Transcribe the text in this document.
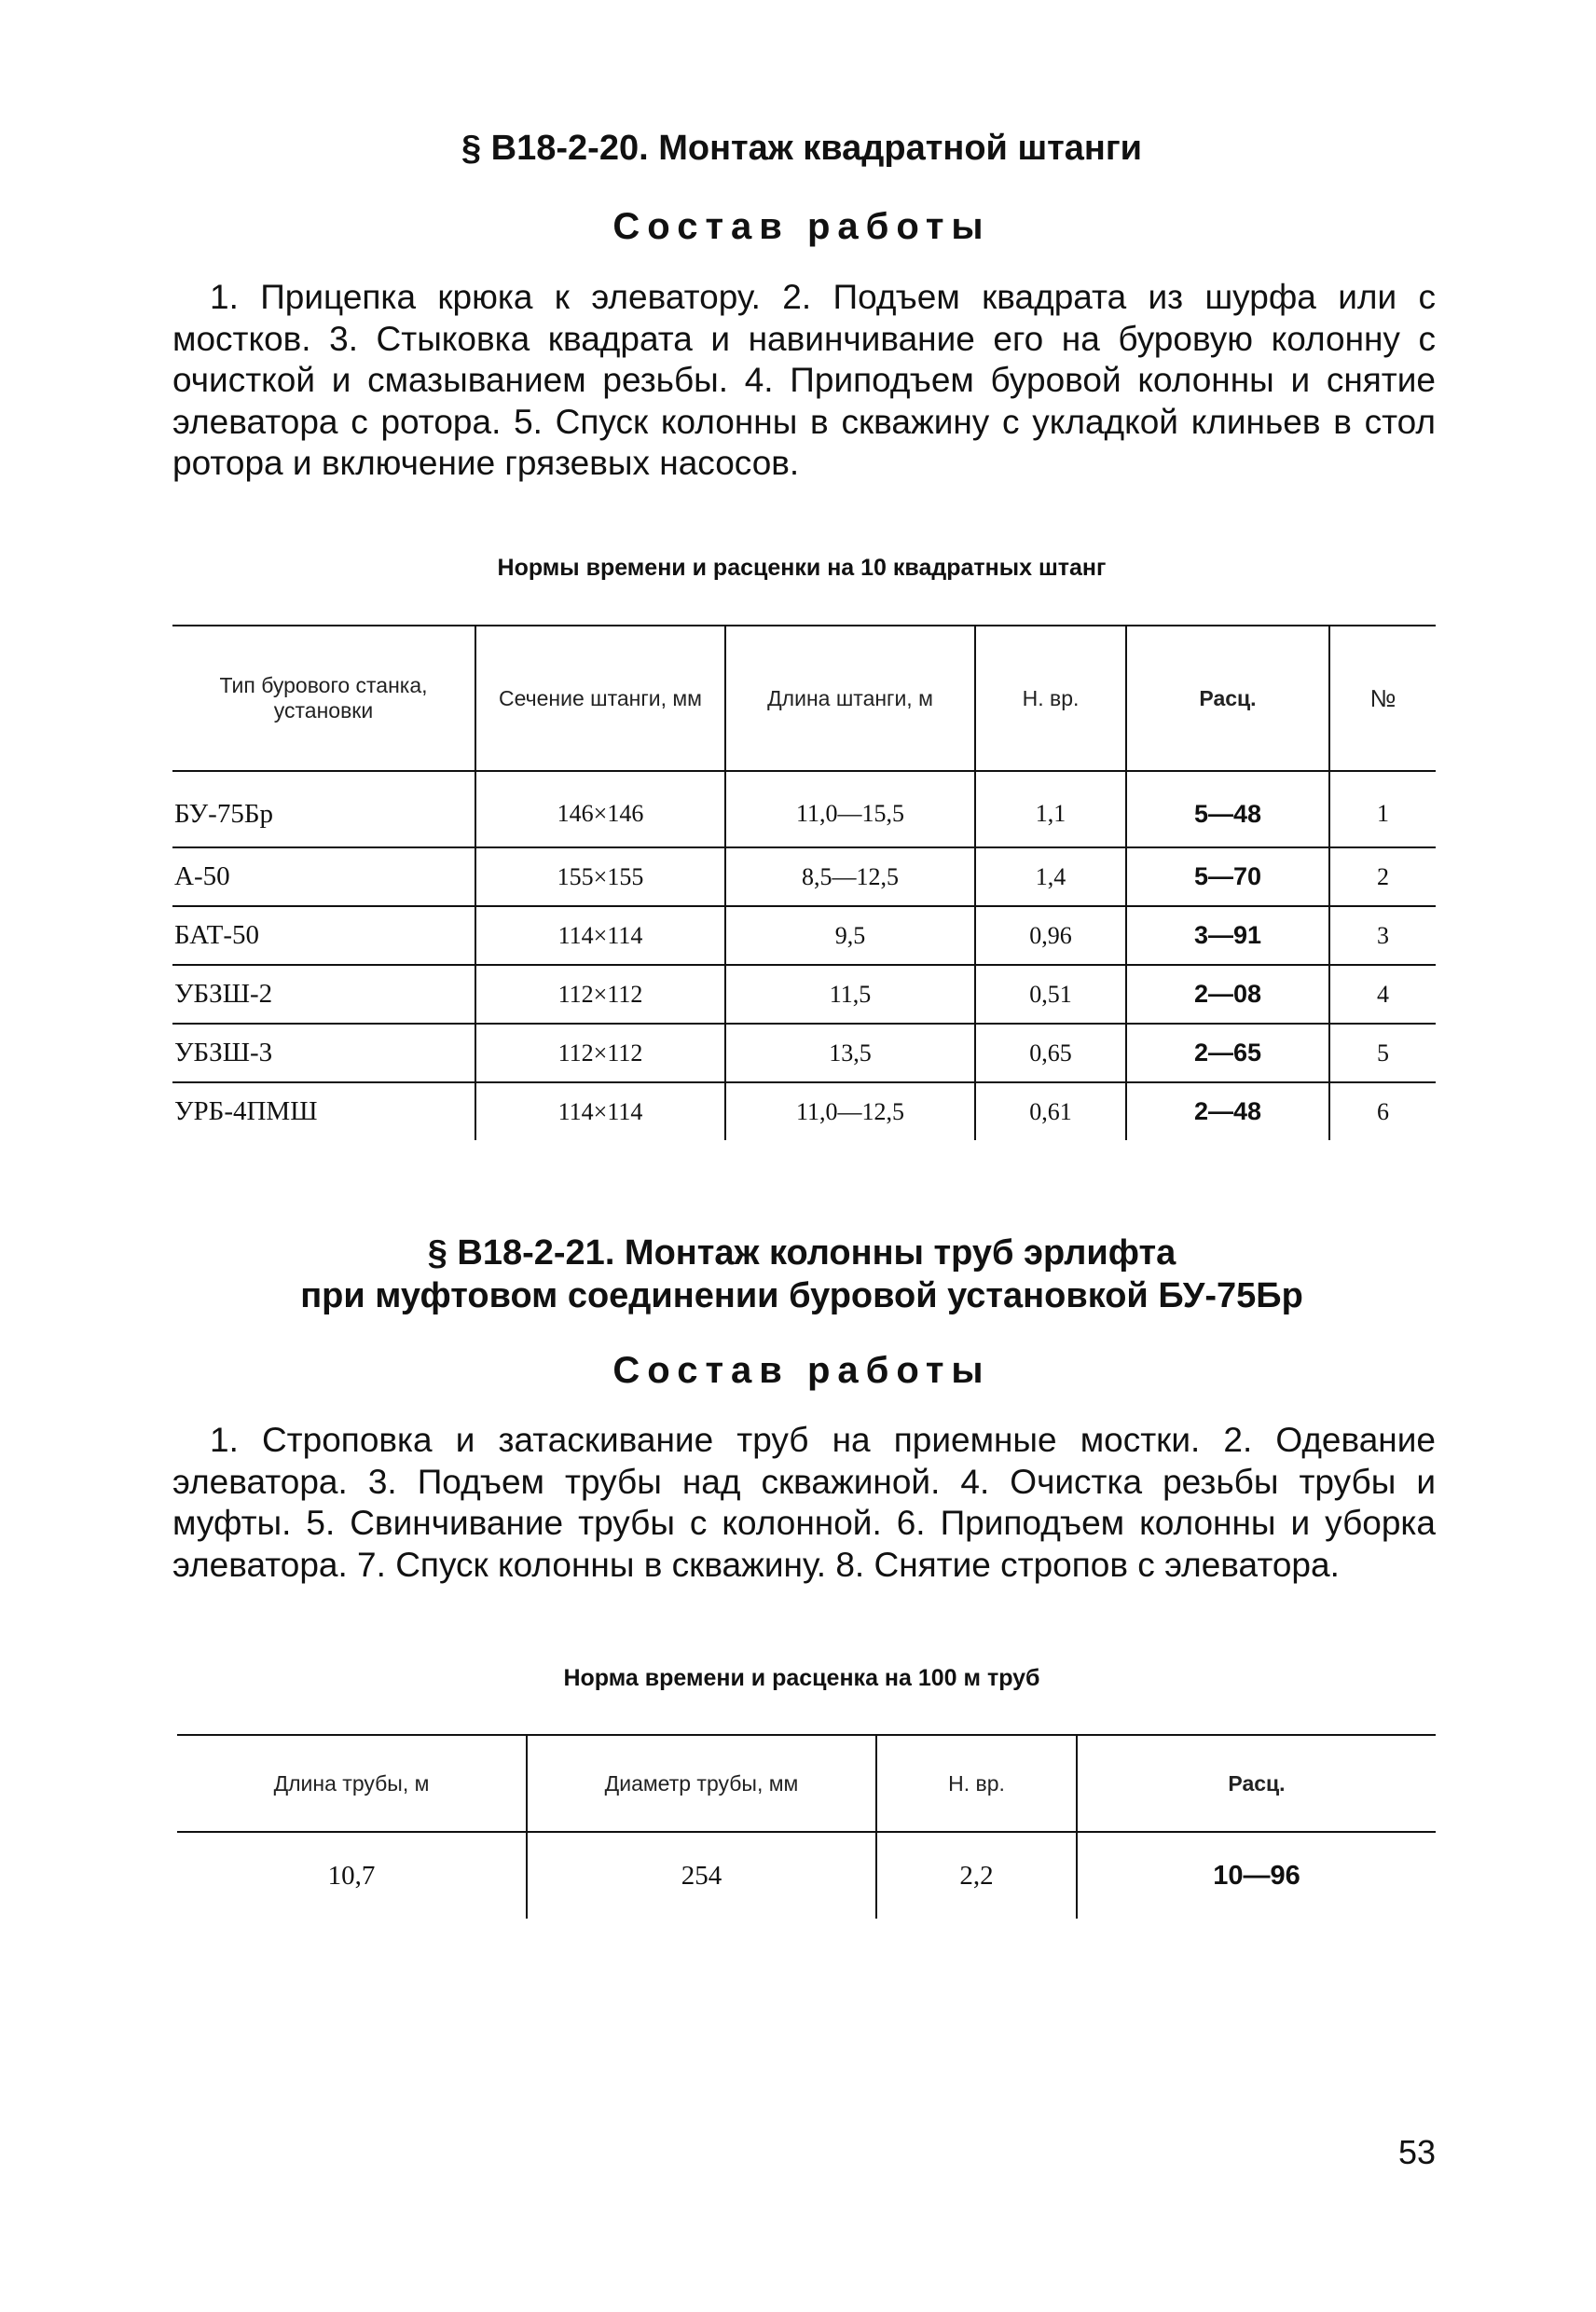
§ В18-2-20. Монтаж квадратной штанги
Состав работы

1. Прицепка крюка к элеватору. 2. Подъем квадрата из шурфа или с мостков. 3. Стыковка квадрата и навинчивание его на буровую колонну с очисткой и смазыванием резьбы. 4. Приподъем буровой колонны и снятие элеватора с ротора. 5. Спуск колонны в скважину с укладкой клиньев в стол ротора и включение грязевых насосов.

Нормы времени и расценки на 10 квадратных штанг
Тип бурового станка, установки	Сечение штанги, мм	Длина штанги, м	Н. вр.	Расц.	№
БУ-75Бр	146×146	11,0—15,5	1,1	5—48	1
А-50	155×155	8,5—12,5	1,4	5—70	2
БАТ-50	114×114	9,5	0,96	3—91	3
УБЗШ-2	112×112	11,5	0,51	2—08	4
УБЗШ-3	112×112	13,5	0,65	2—65	5
УРБ-4ПМШ	114×114	11,0—12,5	0,61	2—48	6
§ В18-2-21. Монтаж колонны труб эрлифта
при муфтовом соединении буровой установкой БУ-75Бр
Состав работы

1. Строповка и затаскивание труб на приемные мостки. 2. Одевание элеватора. 3. Подъем трубы над скважиной. 4. Очистка резьбы трубы и муфты. 5. Свинчивание трубы с колонной. 6. Приподъем колонны и уборка элеватора. 7. Спуск колонны в скважину. 8. Снятие стропов с элеватора.

Норма времени и расценка на 100 м труб
Длина трубы, м	Диаметр трубы, мм	Н. вр.	Расц.
10,7	254	2,2	10—96
53
